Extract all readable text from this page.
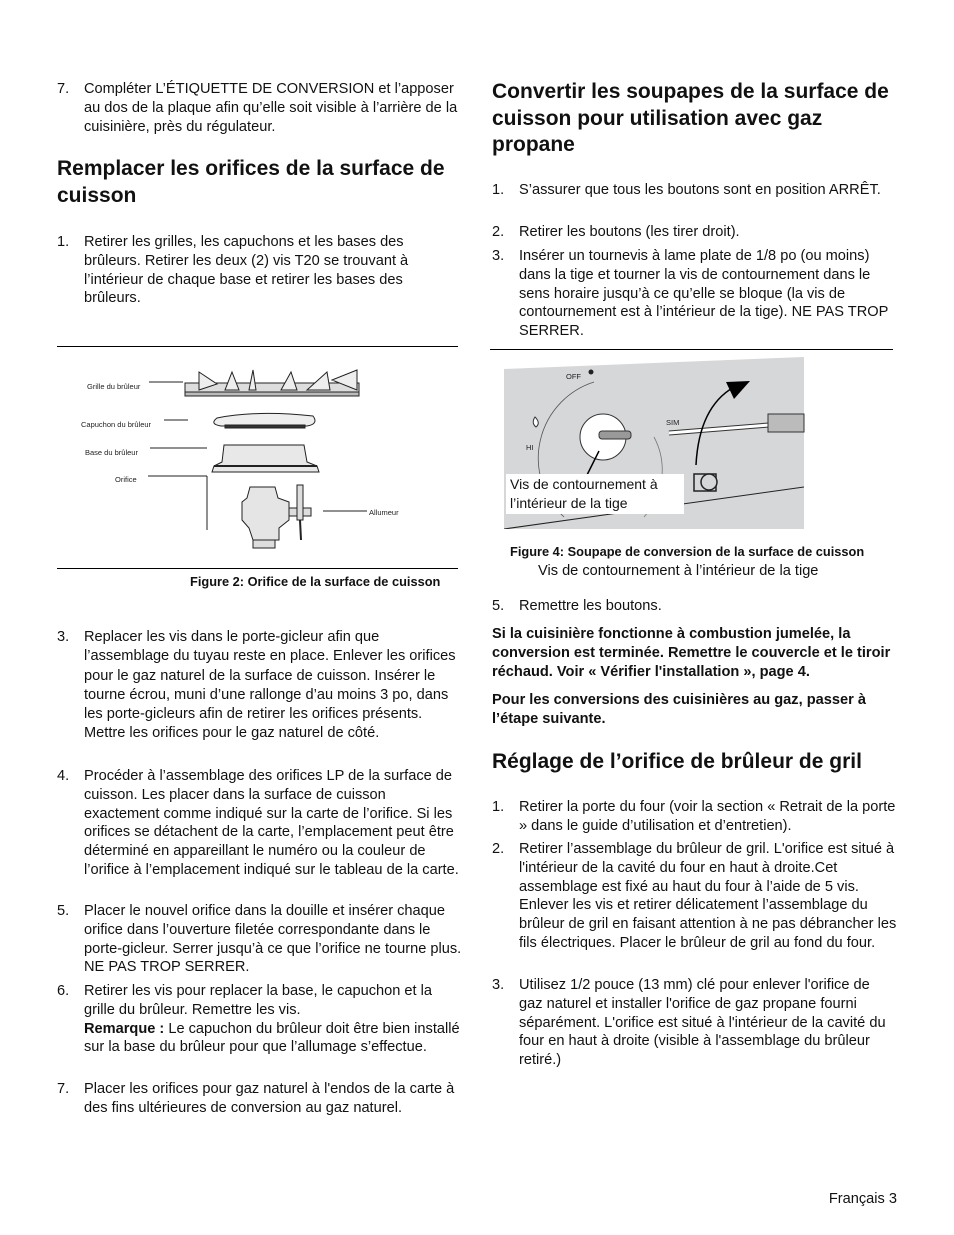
7. Compléter L’ÉTIQUETTE DE CONVERSION et l’apposer au dos de la plaque afin qu’elle soit visible à l’arrière de la cuisinière, près du régulateur.
Remplacer les orifices de la surface de cuisson
1. Retirer les grilles, les capuchons et les bases des brûleurs. Retirer les deux (2) vis T20 se trouvant à l’intérieur de chaque base et retirer les bases des brûleurs.
Grille du brûleur
Capuchon du brûleur
Base du brûleur
Orifice
Allumeur
Figure 2: Orifice de la surface de cuisson
3. Replacer les vis dans le porte-gicleur afin que l’assemblage du tuyau reste en place. Enlever les orifices pour le gaz naturel de la surface de cuisson. Insérer le tourne écrou, muni d’une rallonge d’au moins 3 po, dans les porte-gicleurs afin de retirer les orifices présents. Mettre les orifices pour le gaz naturel de côté.
4. Procéder à l’assemblage des orifices LP de la surface de cuisson. Les placer dans la surface de cuisson exactement comme indiqué sur la carte de l’orifice. Si les orifices se détachent de la carte, l’emplacement peut être déterminé en appareillant le numéro ou la couleur de l’orifice à l’emplacement indiqué sur le tableau de la carte.
5. Placer le nouvel orifice dans la douille et insérer chaque orifice dans l’ouverture filetée correspondante dans le porte-gicleur. Serrer jusqu’à ce que l’orifice ne tourne plus. NE PAS TROP SERRER.
6. Retirer les vis pour replacer la base, le capuchon et la grille du brûleur. Remettre les vis.
Remarque : Le capuchon du brûleur doit être bien installé sur la base du brûleur pour que l’allumage s’effectue.
7. Placer les orifices pour gaz naturel à l'endos de la carte à des fins ultérieures de conversion au gaz naturel.
Convertir les soupapes de la surface de cuisson pour utilisation avec gaz propane
1. S’assurer que tous les boutons sont en position ARRÊT.
2. Retirer les boutons (les tirer droit).
3. Insérer un tournevis à lame plate de 1/8 po (ou moins) dans la tige et tourner la vis de contournement dans le sens horaire jusqu’à ce qu’elle se bloque (la vis de contournement est à l’intérieur de la tige). NE PAS TROP SERRER.
OFF
SIM
HI
Vis de contournement à l’intérieur de la tige
Figure 4: Soupape de conversion de la surface de cuisson
Vis de contournement à l’intérieur de la tige
5. Remettre les boutons.
Si la cuisinière fonctionne à combustion jumelée, la conversion est terminée. Remettre le couvercle et le tiroir réchaud. Voir « Vérifier l'installation », page 4.
Pour les conversions des cuisinières au gaz, passer à l’étape suivante.
Réglage de l’orifice de brûleur de gril
1. Retirer la porte du four (voir la section « Retrait de la porte » dans le guide d’utilisation et d’entretien).
2. Retirer l’assemblage du brûleur de gril. L'orifice est situé à l'intérieur de la cavité du four en haut à droite.Cet assemblage est fixé au haut du four à l’aide de 5 vis. Enlever les vis et retirer délicatement l’assemblage du brûleur de gril en faisant attention à ne pas débrancher les fils électriques. Placer le brûleur de gril au fond du four.
3. Utilisez 1/2 pouce (13 mm) clé pour enlever l'orifice de gaz naturel et installer l'orifice de gaz propane fourni séparément. L'orifice est situé à l'intérieur de la cavité du four en haut à droite (visible à l'assemblage du brûleur retiré.)
Français 3
